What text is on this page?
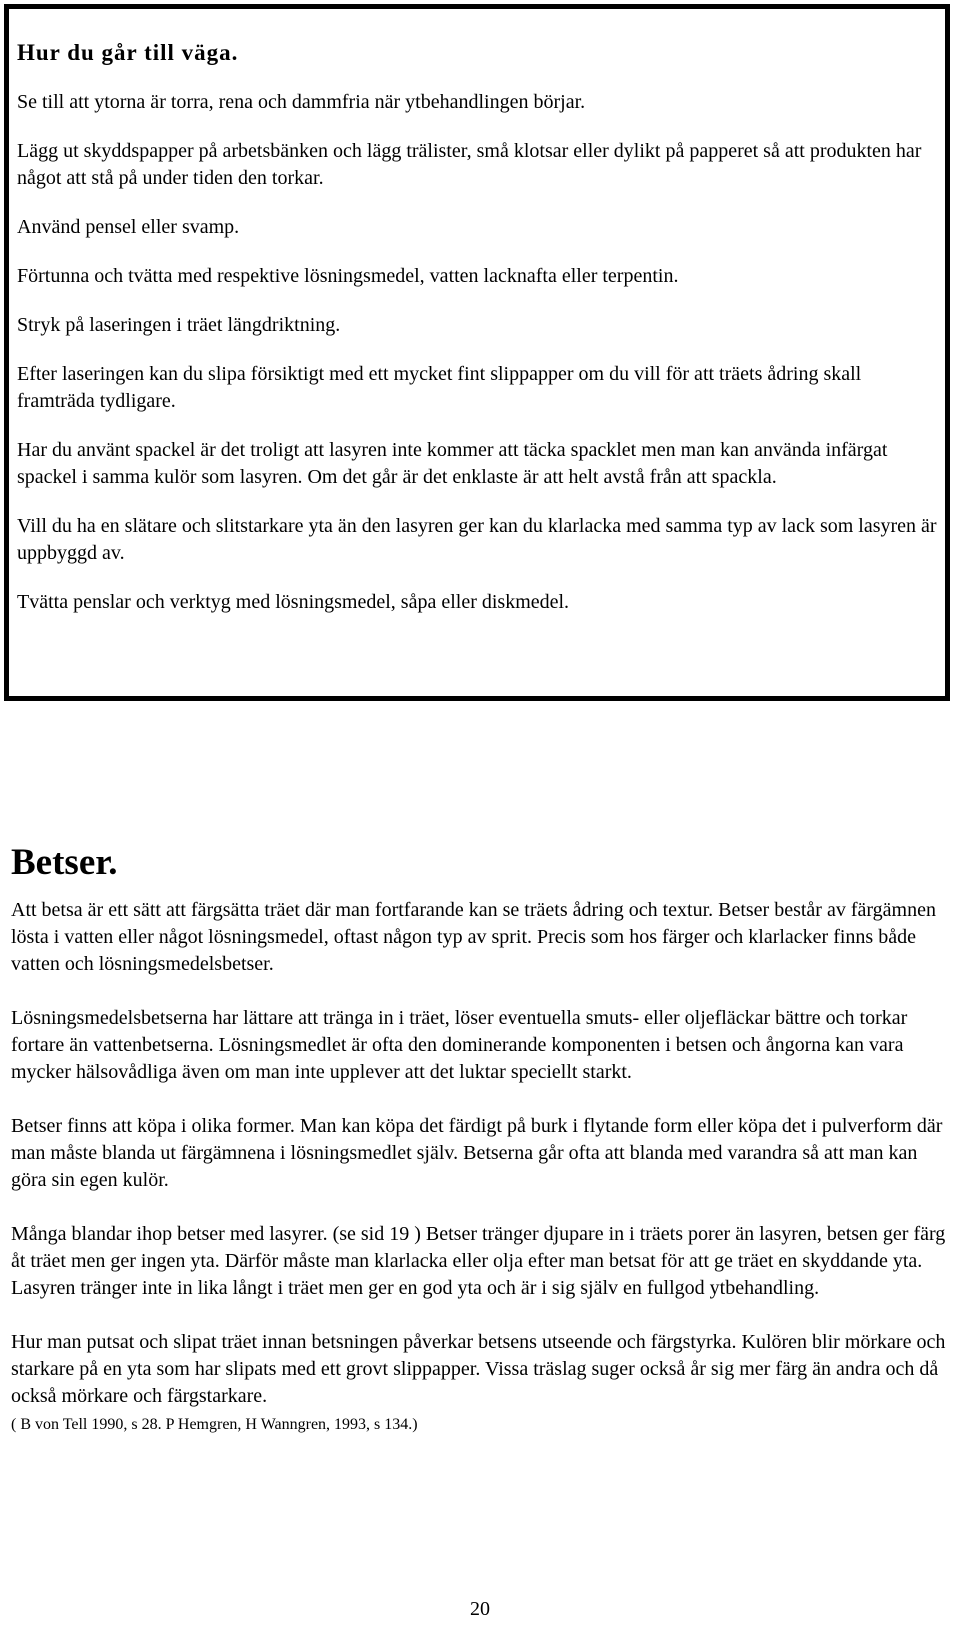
Hur du går till väga.

Se till att ytorna är torra, rena och dammfria när ytbehandlingen börjar.

Lägg ut skyddspapper på arbetsbänken och lägg trälister, små klotsar eller dylikt på papperet så att produkten har något att stå på under tiden den torkar.

Använd pensel eller svamp.

Förtunna och tvätta med respektive lösningsmedel, vatten lacknafta eller terpentin.

Stryk på laseringen i träet längdriktning.

Efter laseringen kan du slipa försiktigt med ett mycket fint slippapper om du vill för att träets ådring skall framträda tydligare.

Har du använt spackel är det troligt att lasyren inte kommer att täcka spacklet men man kan använda infärgat spackel i samma kulör som lasyren. Om det går är det enklaste är att helt avstå från att spackla.

Vill du ha en slätare och slitstarkare yta än den lasyren ger kan du klarlacka med samma typ av lack som lasyren är uppbyggd av.

Tvätta penslar och verktyg med lösningsmedel, såpa eller diskmedel.

Betser.

Att betsa är ett sätt att färgsätta träet där man fortfarande kan se träets ådring och textur. Betser består av färgämnen lösta i vatten eller något lösningsmedel, oftast någon typ av sprit. Precis som hos färger och klarlacker finns både vatten och lösningsmedelsbetser.

Lösningsmedelsbetserna har lättare att tränga in i träet, löser eventuella smuts- eller oljefläckar bättre och torkar fortare än vattenbetserna. Lösningsmedlet är ofta den dominerande komponenten i betsen och ångorna kan vara mycker hälsovådliga även om man inte upplever att det luktar speciellt starkt.

Betser finns att köpa i olika former. Man kan köpa det färdigt på burk i flytande form eller köpa det i pulverform där man måste blanda ut färgämnena i lösningsmedlet själv. Betserna går ofta att blanda med varandra så att man kan göra sin egen kulör.

Många blandar ihop betser med lasyrer. (se sid 19 ) Betser tränger djupare in i träets porer än lasyren, betsen ger färg åt träet men ger ingen yta. Därför måste man klarlacka eller olja efter man betsat för att ge träet en skyddande yta. Lasyren tränger inte in lika långt i träet men ger en god yta och är i sig själv en fullgod ytbehandling.

Hur man putsat och slipat träet innan betsningen påverkar betsens utseende och färgstyrka. Kulören blir mörkare och starkare på en yta som har slipats med ett grovt slippapper. Vissa träslag suger också år sig mer färg än andra och då också mörkare och färgstarkare.

( B von Tell 1990, s 28. P Hemgren, H Wanngren, 1993, s 134.)

20
